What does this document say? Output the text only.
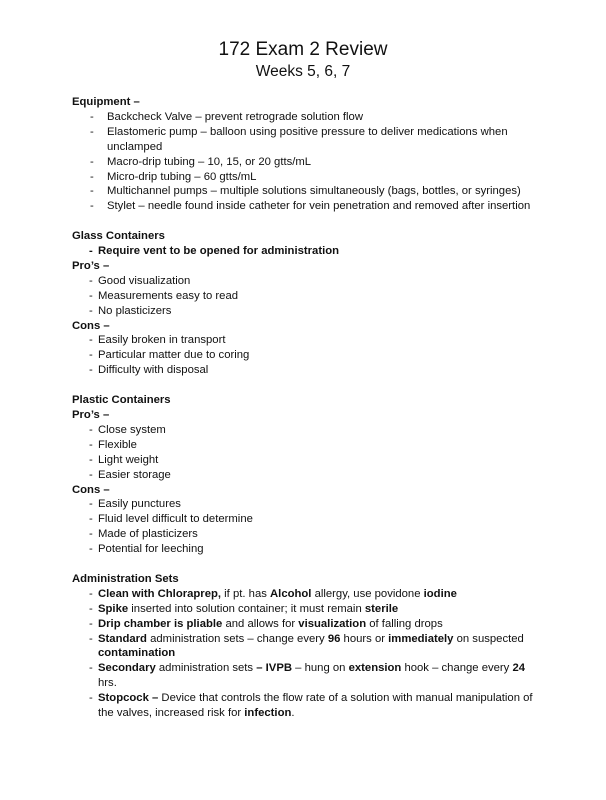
172 Exam 2 Review
Weeks 5, 6, 7
Equipment –
- Backcheck Valve – prevent retrograde solution flow
- Elastomeric pump – balloon using positive pressure to deliver medications when unclamped
- Macro-drip tubing – 10, 15, or 20 gtts/mL
- Micro-drip tubing – 60 gtts/mL
- Multichannel pumps – multiple solutions simultaneously (bags, bottles, or syringes)
- Stylet – needle found inside catheter for vein penetration and removed after insertion
Glass Containers
- Require vent to be opened for administration
Pro’s –
- Good visualization
- Measurements easy to read
- No plasticizers
Cons –
- Easily broken in transport
- Particular matter due to coring
- Difficulty with disposal
Plastic Containers
Pro’s –
- Close system
- Flexible
- Light weight
- Easier storage
Cons –
- Easily punctures
- Fluid level difficult to determine
- Made of plasticizers
- Potential for leeching
Administration Sets
- Clean with Chloraprep, if pt. has Alcohol allergy, use povidone iodine
- Spike inserted into solution container; it must remain sterile
- Drip chamber is pliable and allows for visualization of falling drops
- Standard administration sets – change every 96 hours or immediately on suspected contamination
- Secondary administration sets – IVPB – hung on extension hook – change every 24 hrs.
- Stopcock – Device that controls the flow rate of a solution with manual manipulation of the valves, increased risk for infection.
